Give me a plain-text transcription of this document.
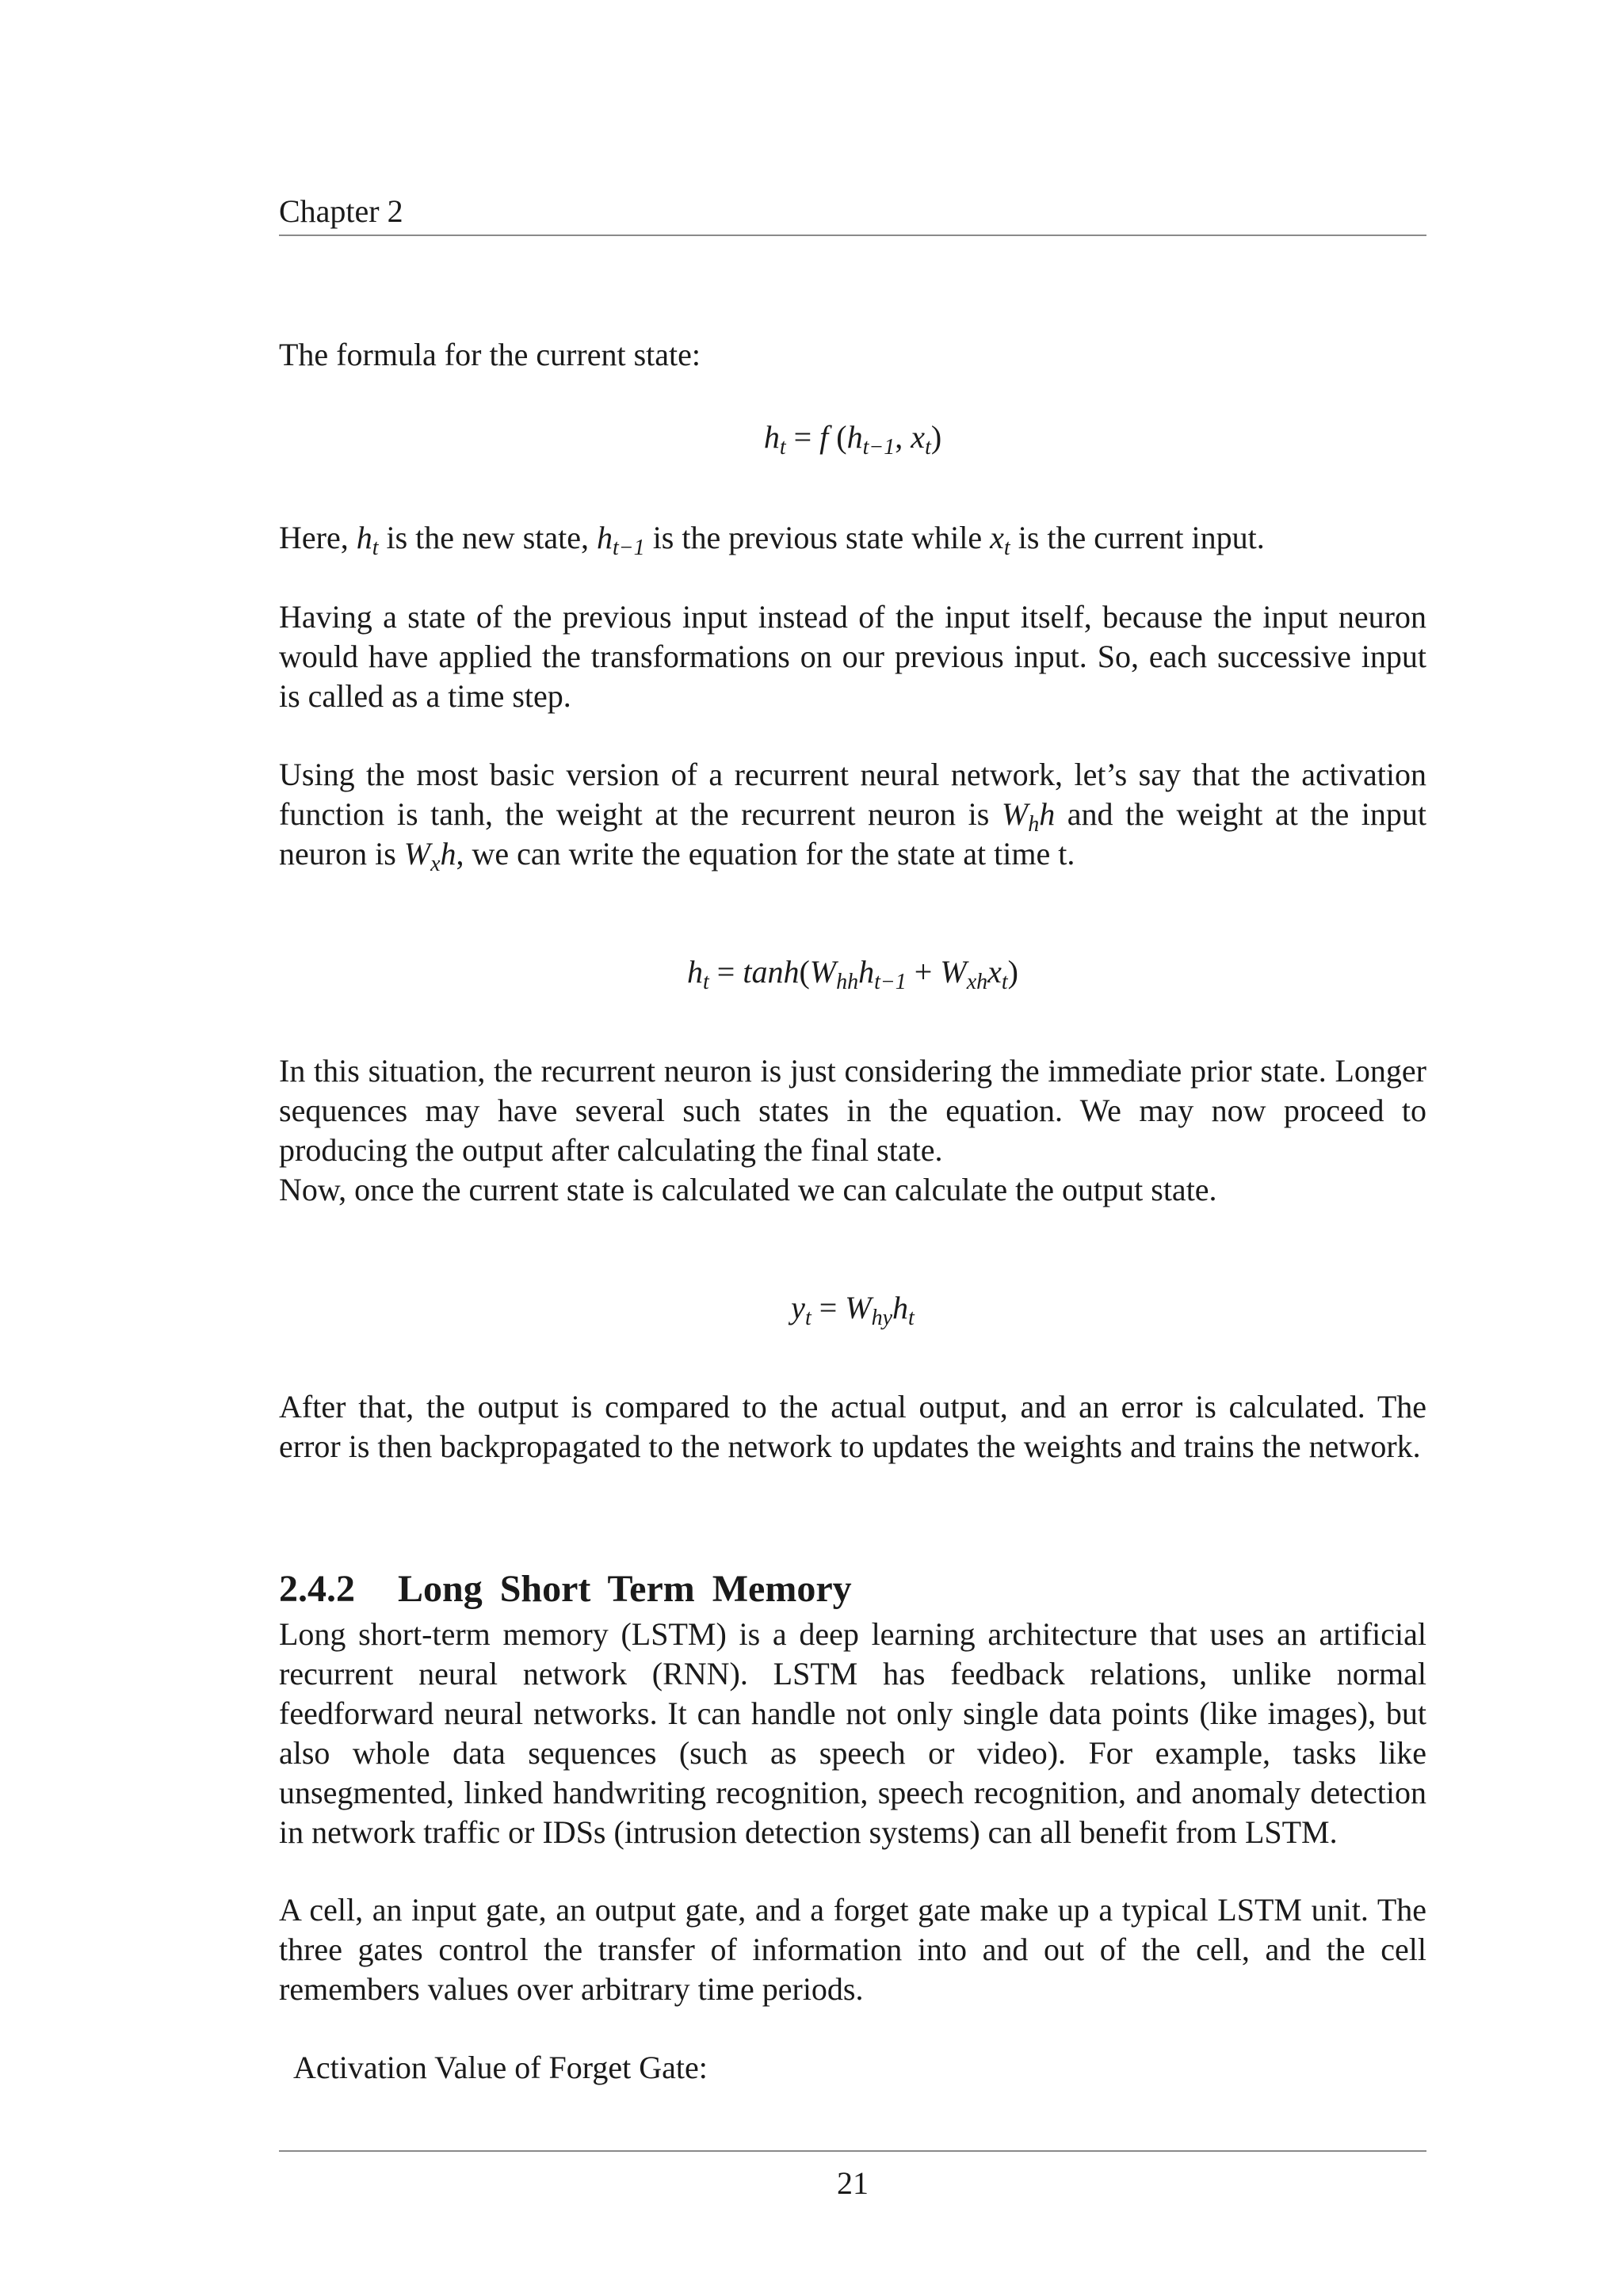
Chapter 2

The formula for the current state:

$h_t = f$ ($h_{t-1}$, $x_t$)

Here, $h_t$ is the new state, $h_{t-1}$ is the previous state while $x_t$ is the current input.

Having a state of the previous input instead of the input itself, because the input neuron would have applied the transformations on our previous input. So, each successive input is called as a time step.

Using the most basic version of a recurrent neural network, let’s say that the activation function is tanh, the weight at the recurrent neuron is $W_hh$ and the weight at the input neuron is $W_xh$, we can write the equation for the state at time t.

$h_t = \tanh(W_{hh}h_{t-1} + W_{xh}x_t)$

In this situation, the recurrent neuron is just considering the immediate prior state. Longer sequences may have several such states in the equation. We may now proceed to producing the output after calculating the final state.

Now, once the current state is calculated we can calculate the output state.

$y_t = W_{hy}h_t$

After that, the output is compared to the actual output, and an error is calculated. The error is then backpropagated to the network to updates the weights and trains the network.

2.4.2 Long Short Term Memory

Long short-term memory (LSTM) is a deep learning architecture that uses an artificial recurrent neural network (RNN). LSTM has feedback relations, unlike normal feedforward neural networks. It can handle not only single data points (like images), but also whole data sequences (such as speech or video). For example, tasks like unsegmented, linked handwriting recognition, speech recognition, and anomaly detection in network traffic or IDSs (intrusion detection systems) can all benefit from LSTM.

A cell, an input gate, an output gate, and a forget gate make up a typical LSTM unit. The three gates control the transfer of information into and out of the cell, and the cell remembers values over arbitrary time periods.

Activation Value of Forget Gate:

21
